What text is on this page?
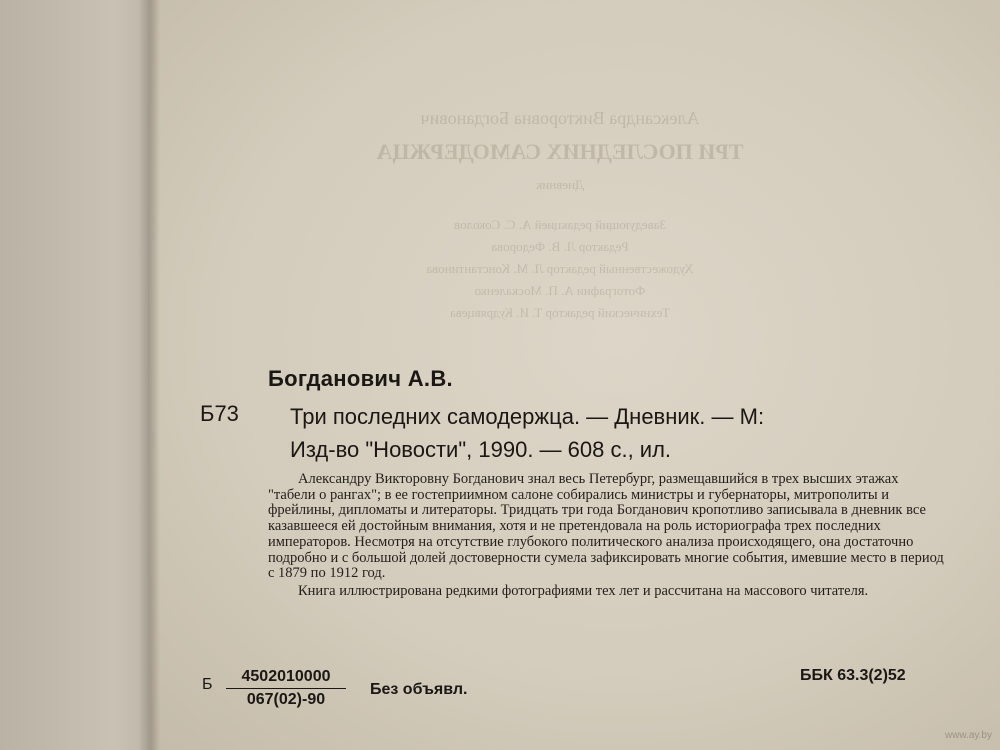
Александра Викторовна Богданович
ТРИ ПОСЛЕДНИХ САМОДЕРЖЦА
Дневник
Заведующий редакцией А. С. Соколов
Редактор Л. В. Федорова
Художественный редактор Л. М. Константинова
Фотографии А. П. Москаленко
Технический редактор Т. И. Кудрявцева
Богданович А.В.
Б73 Три последних самодержца. — Дневник. — М:
Изд-во "Новости", 1990. — 608 с., ил.

Александру Викторовну Богданович знал весь Петербург, размещавшийся в трех высших этажах "табели о рангах"; в ее гостеприимном салоне собирались министры и губернаторы, митрополиты и фрейлины, дипломаты и литераторы. Тридцать три года Богданович кропотливо записывала в дневник все казавшееся ей достойным внимания, хотя и не претендовала на роль историографа трех последних императоров. Несмотря на отсутствие глубокого политического анализа происходящего, она достаточно подробно и с большой долей достоверности сумела зафиксировать многие события, имевшие место в период с 1879 по 1912 год.

Книга иллюстрирована редкими фотографиями тех лет и рассчитана на массового читателя.

Б $\frac{4502010000}{067(02)-90}$ Без объявл.
ББК 63.3(2)52
www.ay.by
